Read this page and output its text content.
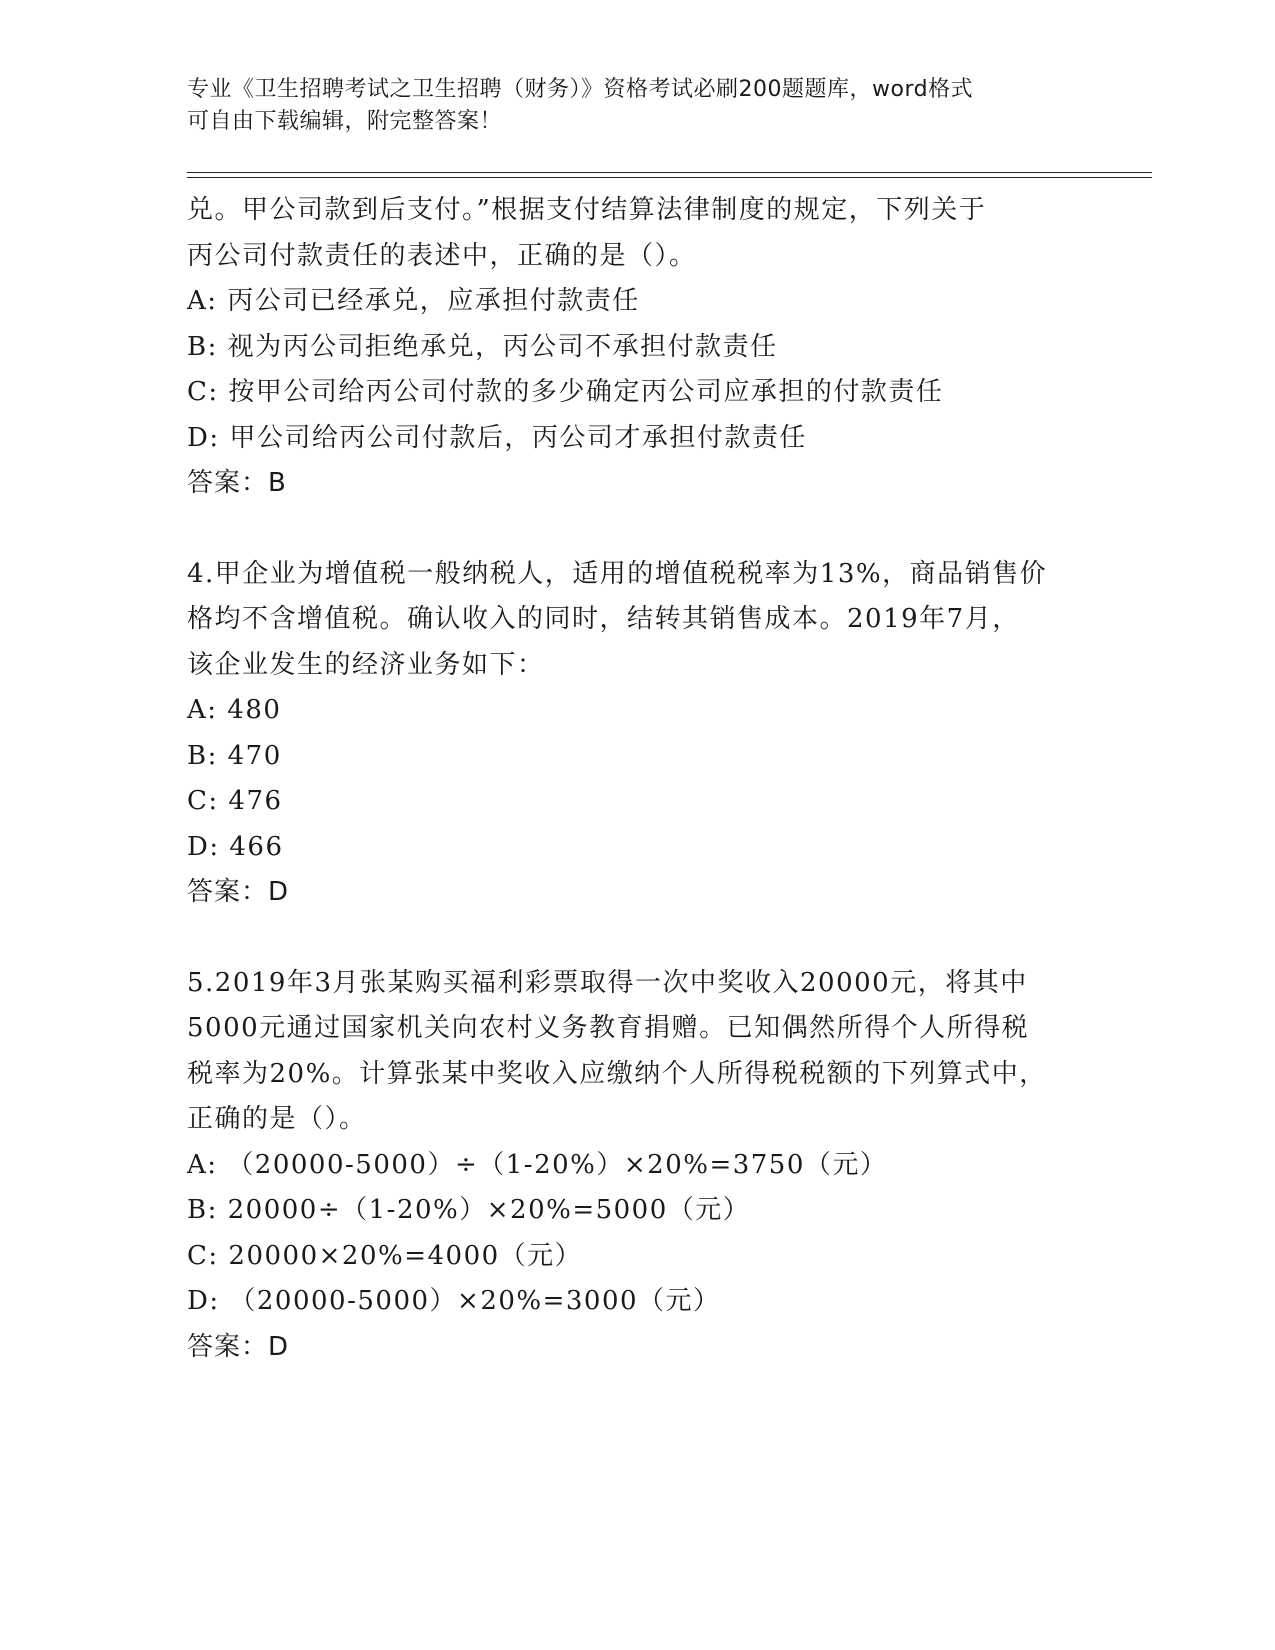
专业《卫生招聘考试之卫生招聘（财务）》资格考试必刷200题题库，word格式
可自由下载编辑，附完整答案！
兑。甲公司款到后支付。”根据支付结算法律制度的规定，下列关于
丙公司付款责任的表述中，正确的是（）。
A: 丙公司已经承兑，应承担付款责任
B: 视为丙公司拒绝承兑，丙公司不承担付款责任
C: 按甲公司给丙公司付款的多少确定丙公司应承担的付款责任
D: 甲公司给丙公司付款后，丙公司才承担付款责任
答案：B
4.甲企业为增值税一般纳税人，适用的增值税税率为13%，商品销售价
格均不含增值税。确认收入的同时，结转其销售成本。2019年7月，
该企业发生的经济业务如下：
A: 480
B: 470
C: 476
D: 466
答案：D
5.2019年3月张某购买福利彩票取得一次中奖收入20000元，将其中
5000元通过国家机关向农村义务教育捐赠。已知偶然所得个人所得税
税率为20%。计算张某中奖收入应缴纳个人所得税税额的下列算式中，
正确的是（）。
A: （20000-5000）÷（1-20%）×20%=3750（元）
B: 20000÷（1-20%）×20%=5000（元）
C: 20000×20%=4000（元）
D: （20000-5000）×20%=3000（元）
答案：D
